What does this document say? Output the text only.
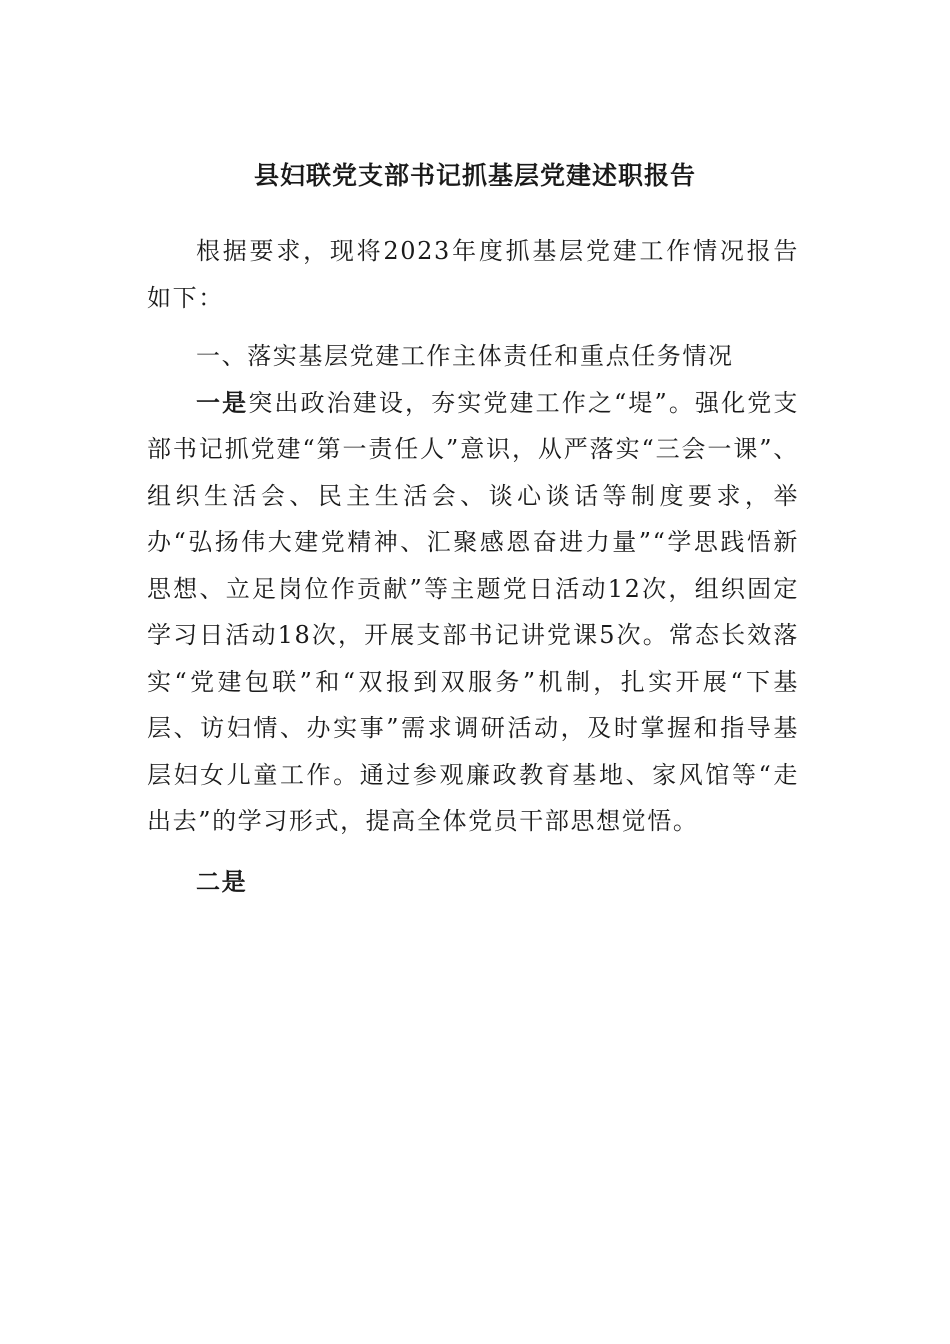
县妇联党支部书记抓基层党建述职报告

根据要求，现将2023年度抓基层党建工作情况报告如下：

一、落实基层党建工作主体责任和重点任务情况

一是突出政治建设，夯实党建工作之“堤”。强化党支部书记抓党建“第一责任人”意识，从严落实“三会一课”、组织生活会、民主生活会、谈心谈话等制度要求，举办“弘扬伟大建党精神、汇聚感恩奋进力量”“学思践悟新思想、立足岗位作贡献”等主题党日活动12次，组织固定学习日活动18次，开展支部书记讲党课5次。常态长效落实“党建包联”和“双报到双服务”机制，扎实开展“下基层、访妇情、办实事”需求调研活动，及时掌握和指导基层妇女儿童工作。通过参观廉政教育基地、家风馆等“走出去”的学习形式，提高全体党员干部思想觉悟。

二是
